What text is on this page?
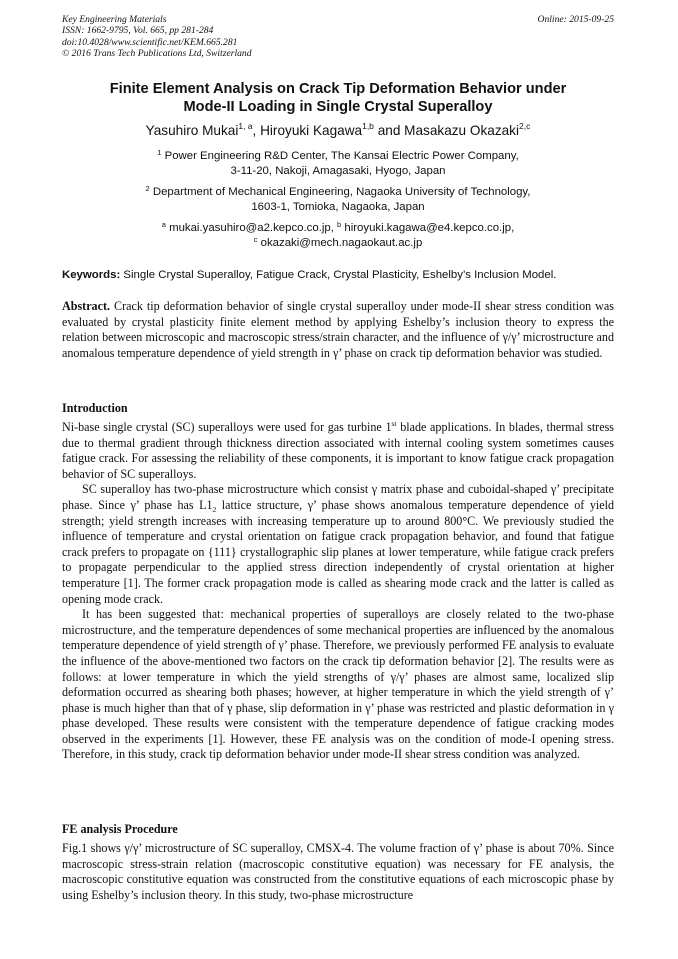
Key Engineering Materials
ISSN: 1662-9795, Vol. 665, pp 281-284
doi:10.4028/www.scientific.net/KEM.665.281
© 2016 Trans Tech Publications Ltd, Switzerland
Online: 2015-09-25
Finite Element Analysis on Crack Tip Deformation Behavior under
Mode-II Loading in Single Crystal Superalloy
Yasuhiro Mukai$^{1, a}$, Hiroyuki Kagawa$^{1,b}$ and Masakazu Okazaki$^{2,c}$
$^1$ Power Engineering R&D Center, The Kansai Electric Power Company,
3-11-20, Nakoji, Amagasaki, Hyogo, Japan
$^2$ Department of Mechanical Engineering, Nagaoka University of Technology,
1603-1, Tomioka, Nagaoka, Japan
$^a$ mukai.yasuhiro@a2.kepco.co.jp, $^b$ hiroyuki.kagawa@e4.kepco.co.jp,
$^c$ okazaki@mech.nagaokaut.ac.jp
Keywords: Single Crystal Superalloy, Fatigue Crack, Crystal Plasticity, Eshelby’s Inclusion Model.

Abstract. Crack tip deformation behavior of single crystal superalloy under mode-II shear stress condition was evaluated by crystal plasticity finite element method by applying Eshelby’s inclusion theory to express the relation between microscopic and macroscopic stress/strain character, and the influence of γ/γ’ microstructure and anomalous temperature dependence of yield strength in γ’ phase on crack tip deformation behavior was studied.

Introduction

Ni-base single crystal (SC) superalloys were used for gas turbine 1st blade applications. In blades, thermal stress due to thermal gradient through thickness direction associated with internal cooling system sometimes causes fatigue crack. For assessing the reliability of these components, it is important to know fatigue crack propagation behavior of SC superalloys.

SC superalloy has two-phase microstructure which consist γ matrix phase and cuboidal-shaped γ’ precipitate phase. Since γ’ phase has $L1_2$ lattice structure, γ’ phase shows anomalous temperature dependence of yield strength; yield strength increases with increasing temperature up to around 800°C. We previously studied the influence of temperature and crystal orientation on fatigue crack propagation behavior, and found that fatigue crack prefers to propagate on {111} crystallographic slip planes at lower temperature, while fatigue crack prefers to propagate perpendicular to the applied stress direction independently of crystal orientation at higher temperature [1]. The former crack propagation mode is called as shearing mode crack and the latter is called as opening mode crack.

It has been suggested that: mechanical properties of superalloys are closely related to the two-phase microstructure, and the temperature dependences of some mechanical properties are influenced by the anomalous temperature dependence of yield strength of γ’ phase. Therefore, we previously performed FE analysis to evaluate the influence of the above-mentioned two factors on the crack tip deformation behavior [2]. The results were as follows: at lower temperature in which the yield strengths of γ/γ’ phases are almost same, localized slip deformation occurred as shearing both phases; however, at higher temperature in which the yield strength of γ’ phase is much higher than that of γ phase, slip deformation in γ’ phase was restricted and plastic deformation in γ phase developed. These results were consistent with the temperature dependence of fatigue cracking modes observed in the experiments [1]. However, these FE analysis was on the condition of mode-I opening stress. Therefore, in this study, crack tip deformation behavior under mode-II shear stress condition was analyzed.

FE analysis Procedure

Fig.1 shows γ/γ’ microstructure of SC superalloy, CMSX-4. The volume fraction of γ’ phase is about 70%. Since macroscopic stress-strain relation (macroscopic constitutive equation) was necessary for FE analysis, the macroscopic constitutive equation was constructed from the constitutive equations of each microscopic phase by using Eshelby’s inclusion theory. In this study, two-phase microstructure
